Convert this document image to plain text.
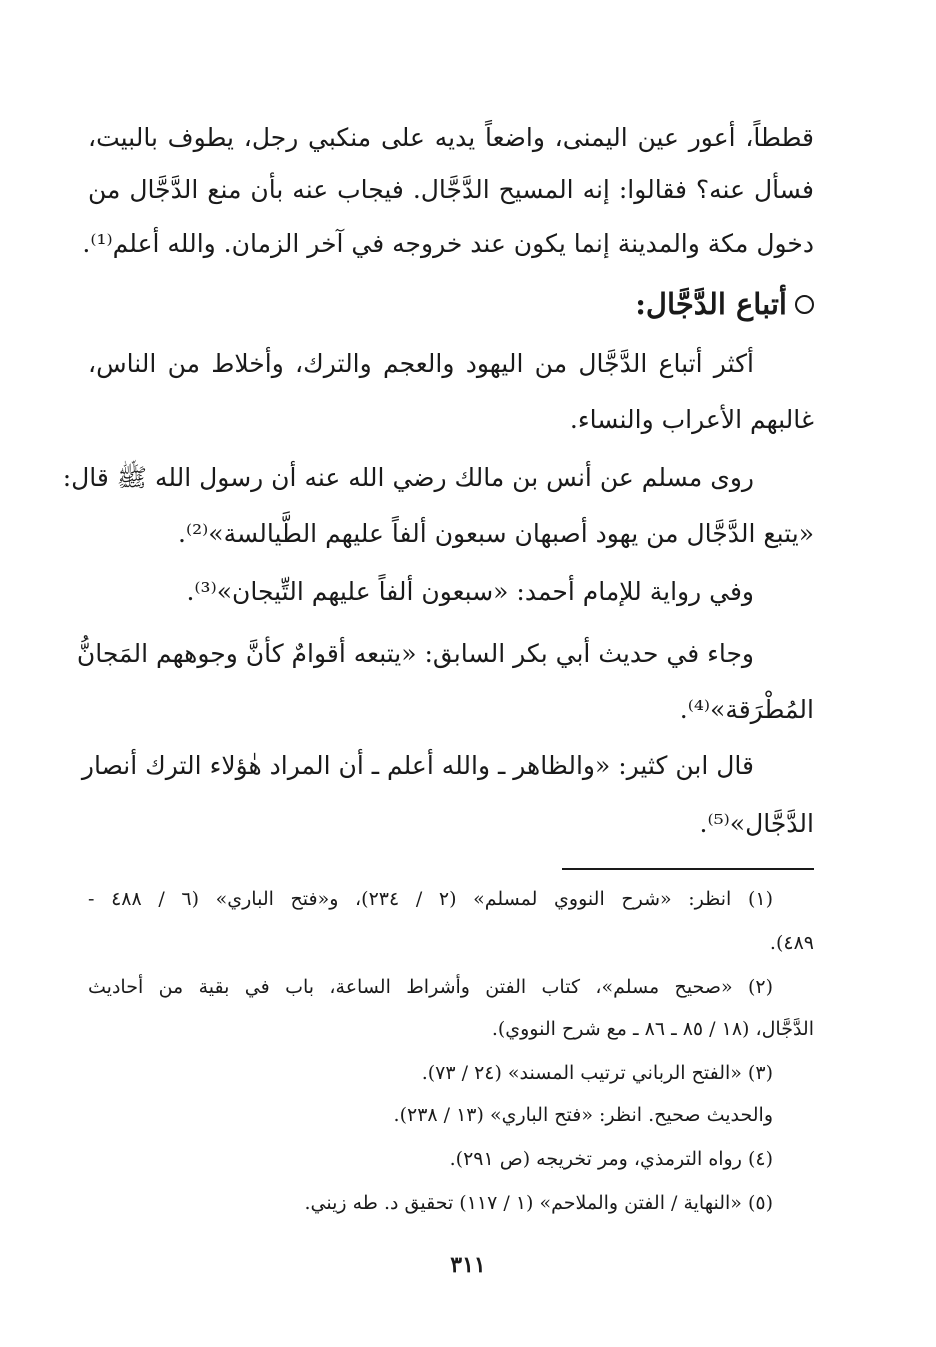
قططاً، أعور عين اليمنى، واضعاً يديه على منكبي رجل، يطوف بالبيت،
فسأل عنه؟ فقالوا: إنه المسيح الدَّجَّال. فيجاب عنه بأن منع الدَّجَّال من
دخول مكة والمدينة إنما يكون عند خروجه في آخر الزمان. والله أعلم⁽¹⁾.
أتباع الدَّجَّال:
أكثر أتباع الدَّجَّال من اليهود والعجم والترك، وأخلاط من الناس،
غالبهم الأعراب والنساء.
روى مسلم عن أنس بن مالك رضي الله عنه أن رسول الله ﷺ قال:
«يتبع الدَّجَّال من يهود أصبهان سبعون ألفاً عليهم الطَّيالسة»⁽²⁾.
وفي رواية للإمام أحمد: «سبعون ألفاً عليهم التِّيجان»⁽³⁾.
وجاء في حديث أبي بكر السابق: «يتبعه أقوامٌ كأنَّ وجوههم المَجانُّ
المُطْرَقة»⁽⁴⁾.
قال ابن كثير: «والظاهر ـ والله أعلم ـ أن المراد هٰؤلاء الترك أنصار
الدَّجَّال»⁽⁵⁾.
(١) انظر: «شرح النووي لمسلم» (٢ / ٢٣٤)، و«فتح الباري» (٦ / ٤٨٨ -
٤٨٩).
(٢) «صحيح مسلم»، كتاب الفتن وأشراط الساعة، باب في بقية من أحاديث
الدَّجَّال، (١٨ / ٨٥ ـ ٨٦ ـ مع شرح النووي).
(٣) «الفتح الرباني ترتيب المسند» (٢٤ / ٧٣).
والحديث صحيح. انظر: «فتح الباري» (١٣ / ٢٣٨).
(٤) رواه الترمذي، ومر تخريجه (ص ٢٩١).
(٥) «النهاية / الفتن والملاحم» (١ / ١١٧) تحقيق د. طه زيني.
٣١١
